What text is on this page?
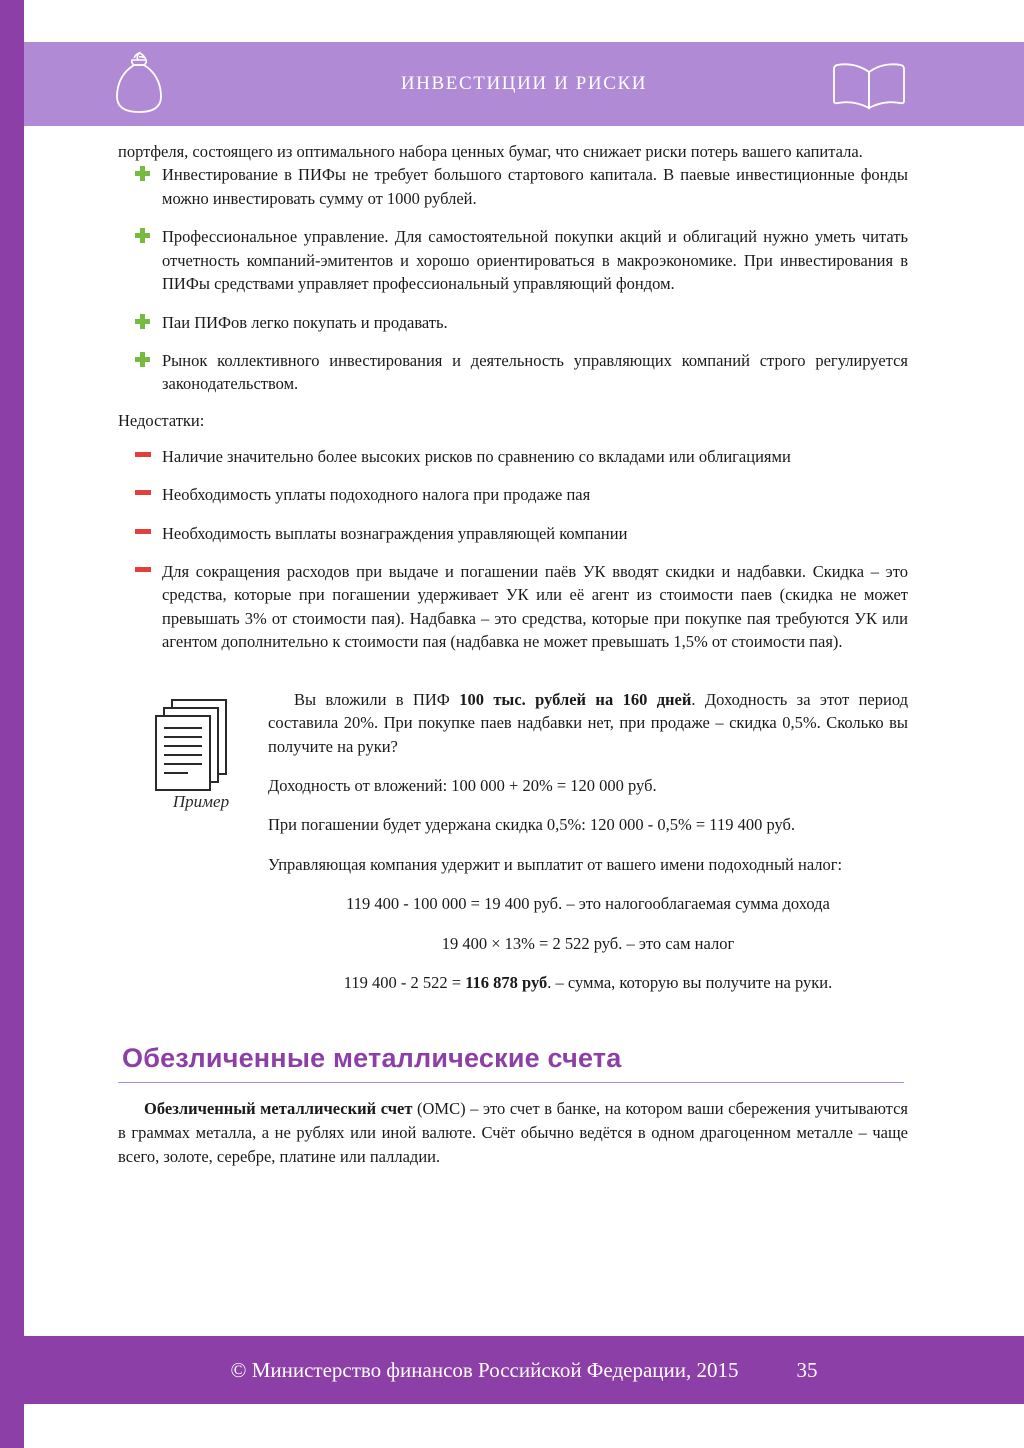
ИНВЕСТИЦИИ И РИСКИ

портфеля, состоящего из оптимального набора ценных бумаг, что снижает риски потерь вашего капитала.

Инвестирование в ПИФы не требует большого стартового капитала. В паевые инвестиционные фонды можно инвестировать сумму от 1000 рублей.

Профессиональное управление. Для самостоятельной покупки акций и облигаций нужно уметь читать отчетность компаний-эмитентов и хорошо ориентироваться в макроэкономике. При инвестирования в ПИФы средствами управляет профессиональный управляющий фондом.

Паи ПИФов легко покупать и продавать.

Рынок коллективного инвестирования и деятельность управляющих компаний строго регулируется законодательством.

Недостатки:

Наличие значительно более высоких рисков по сравнению со вкладами или облигациями

Необходимость уплаты подоходного налога при продаже пая

Необходимость выплаты вознаграждения управляющей компании

Для сокращения расходов при выдаче и погашении паёв УК вводят скидки и надбавки. Скидка – это средства, которые при погашении удерживает УК или её агент из стоимости паев (скидка не может превышать 3% от стоимости пая). Надбавка – это средства, которые при покупке пая требуются УК или агентом дополнительно к стоимости пая (надбавка не может превышать 1,5% от стоимости пая).

Пример

Вы вложили в ПИФ 100 тыс. рублей на 160 дней. Доходность за этот период составила 20%. При покупке паев надбавки нет, при продаже – скидка 0,5%. Сколько вы получите на руки?

Доходность от вложений: 100 000 + 20% = 120 000 руб.

При погашении будет удержана скидка 0,5%: 120 000 - 0,5% = 119 400 руб.

Управляющая компания удержит и выплатит от вашего имени подоходный налог:

119 400 - 100 000 = 19 400 руб. – это налогооблагаемая сумма дохода

19 400 × 13% = 2 522 руб. – это сам налог

119 400 - 2 522 = 116 878 руб. – сумма, которую вы получите на руки.

Обезличенные металлические счета

Обезличенный металлический счет (ОМС) – это счет в банке, на котором ваши сбережения учитываются в граммах металла, а не рублях или иной валюте. Счёт обычно ведётся в одном драгоценном металле – чаще всего, золоте, серебре, платине или палладии.

© Министерство финансов Российской Федерации, 2015	35
